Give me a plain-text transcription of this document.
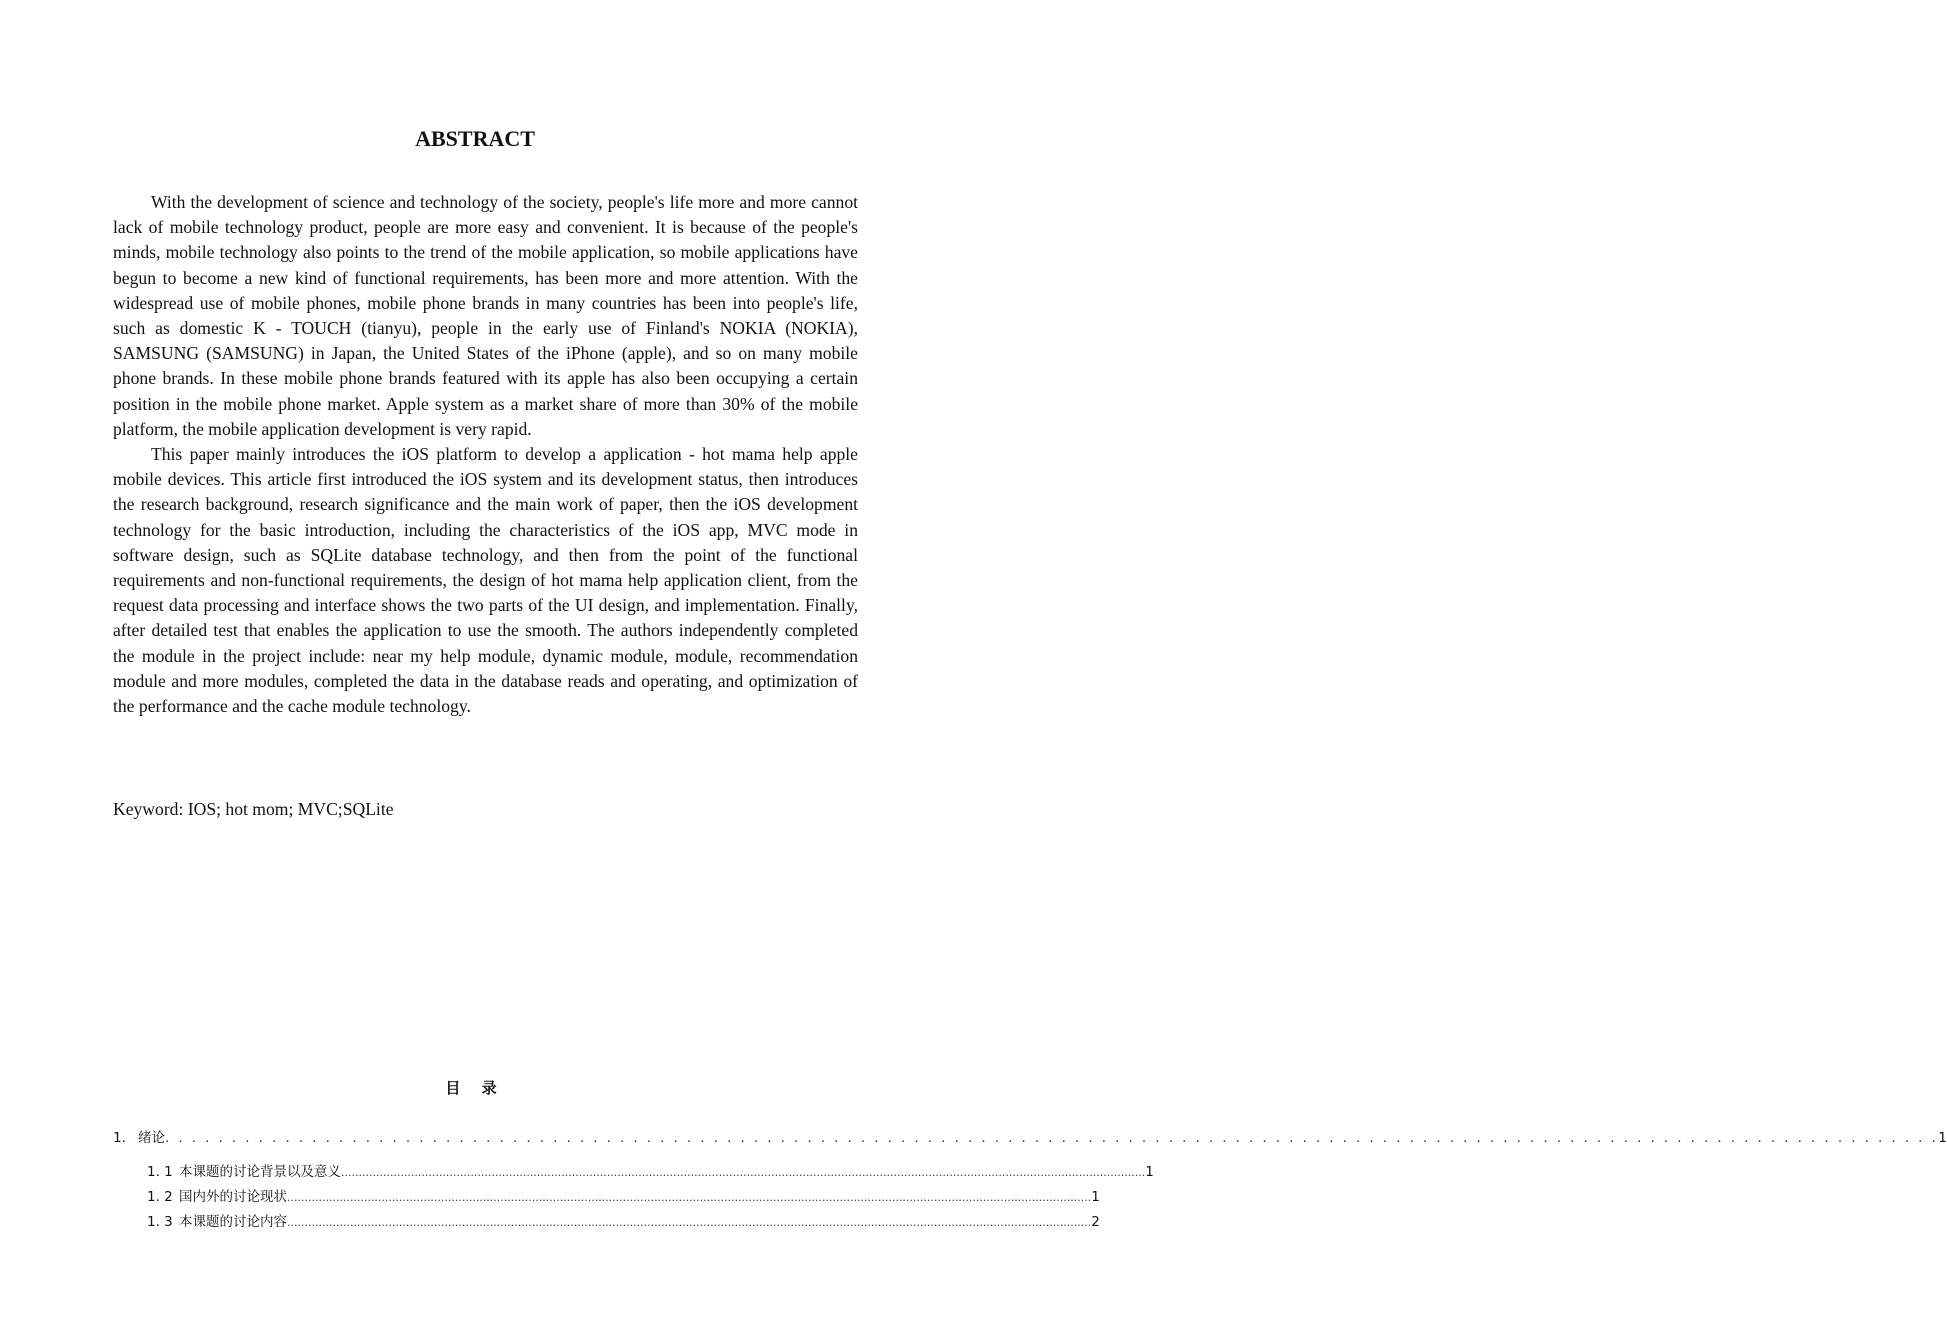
ABSTRACT

With the development of science and technology of the society, people's life more and more cannot lack of mobile technology product, people are more easy and convenient. It is because of the people's minds, mobile technology also points to the trend of the mobile application, so mobile applications have begun to become a new kind of functional requirements, has been more and more attention. With the widespread use of mobile phones, mobile phone brands in many countries has been into people's life, such as domestic K - TOUCH (tianyu), people in the early use of Finland's NOKIA (NOKIA), SAMSUNG (SAMSUNG) in Japan, the United States of the iPhone (apple), and so on many mobile phone brands. In these mobile phone brands featured with its apple has also been occupying a certain position in the mobile phone market. Apple system as a market share of more than 30% of the mobile platform, the mobile application development is very rapid.

This paper mainly introduces the iOS platform to develop a application - hot mama help apple mobile devices. This article first introduced the iOS system and its development status, then introduces the research background, research significance and the main work of paper, then the iOS development technology for the basic introduction, including the characteristics of the iOS app, MVC mode in software design, such as SQLite database technology, and then from the point of the functional requirements and non-functional requirements, the design of hot mama help application client, from the request data processing and interface shows the two parts of the UI design, and implementation. Finally, after detailed test that enables the application to use the smooth. The authors independently completed the module in the project include: near my help module, dynamic module, module, recommendation module and more modules, completed the data in the database reads and operating, and optimization of the performance and the cache module technology.

Keyword: IOS; hot mom; MVC;SQLite

目 录
1. 绪论 . . . . . . . . . . . . . . . . . . . . . . . . . . . . . . . . . . . . . . . . . . . . . . . . . . . . . . . . . . . . . . . . . . . . . . . . . . . . . . . . . . . . . . . . . . . . . . . . . . . . . . . . . . . . . . . . . . . . . . . . . . . . . . . . . . . . . 1
1. 1 本课题的讨论背景以及意义 ...................................................................................................................................................................................................................................... 1
1. 2 国内外的讨论现状 ...................................................................................................................................................................................................................................... 1
1. 3 本课题的讨论内容 ...................................................................................................................................................................................................................................... 2
